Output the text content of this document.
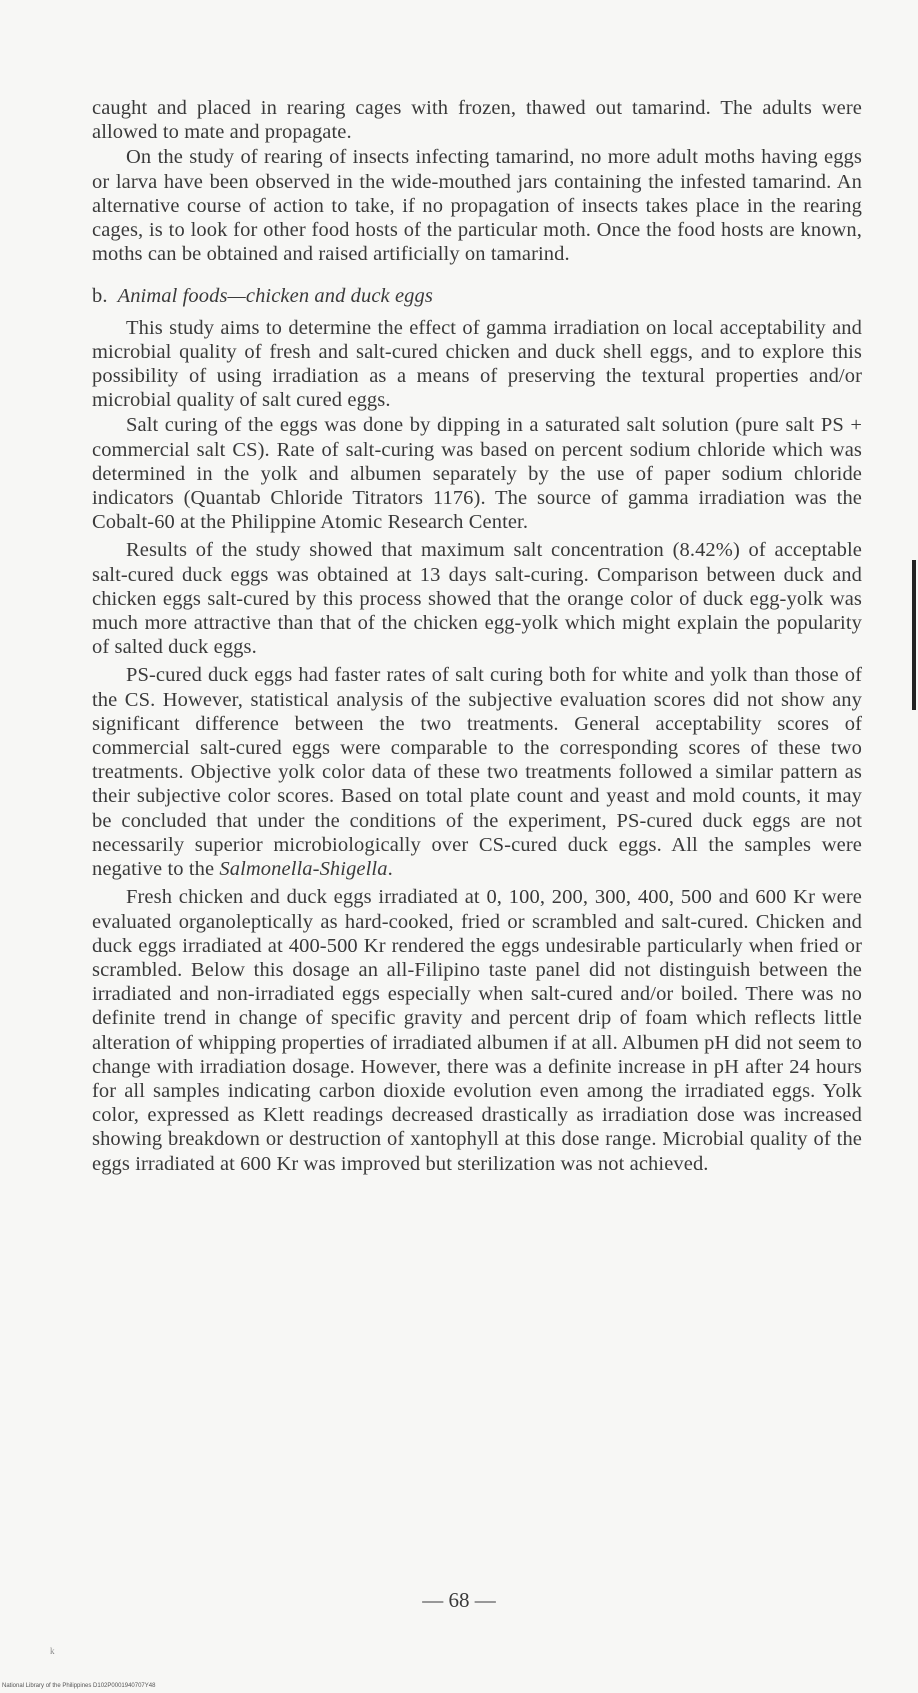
caught and placed in rearing cages with frozen, thawed out tamarind. The adults were allowed to mate and propagate.

On the study of rearing of insects infecting tamarind, no more adult moths having eggs or larva have been observed in the wide-mouthed jars containing the infested tamarind. An alternative course of action to take, if no propagation of insects takes place in the rearing cages, is to look for other food hosts of the particular moth. Once the food hosts are known, moths can be obtained and raised artificially on tamarind.

b. Animal foods—chicken and duck eggs

This study aims to determine the effect of gamma irradiation on local acceptability and microbial quality of fresh and salt-cured chicken and duck shell eggs, and to explore this possibility of using irradiation as a means of preserving the textural properties and/or microbial quality of salt cured eggs.

Salt curing of the eggs was done by dipping in a saturated salt solution (pure salt PS + commercial salt CS). Rate of salt-curing was based on percent sodium chloride which was determined in the yolk and albumen separately by the use of paper sodium chloride indicators (Quantab Chloride Titrators 1176). The source of gamma irradiation was the Cobalt-60 at the Philippine Atomic Research Center.

Results of the study showed that maximum salt concentration (8.42%) of acceptable salt-cured duck eggs was obtained at 13 days salt-curing. Comparison between duck and chicken eggs salt-cured by this process showed that the orange color of duck egg-yolk was much more attractive than that of the chicken egg-yolk which might explain the popularity of salted duck eggs.

PS-cured duck eggs had faster rates of salt curing both for white and yolk than those of the CS. However, statistical analysis of the subjective evaluation scores did not show any significant difference between the two treatments. General acceptability scores of commercial salt-cured eggs were comparable to the corresponding scores of these two treatments. Objective yolk color data of these two treatments followed a similar pattern as their subjective color scores. Based on total plate count and yeast and mold counts, it may be concluded that under the conditions of the experiment, PS-cured duck eggs are not necessarily superior microbiologically over CS-cured duck eggs. All the samples were negative to the Salmonella-Shigella.

Fresh chicken and duck eggs irradiated at 0, 100, 200, 300, 400, 500 and 600 Kr were evaluated organoleptically as hard-cooked, fried or scrambled and salt-cured. Chicken and duck eggs irradiated at 400-500 Kr rendered the eggs undesirable particularly when fried or scrambled. Below this dosage an all-Filipino taste panel did not distinguish between the irradiated and non-irradiated eggs especially when salt-cured and/or boiled. There was no definite trend in change of specific gravity and percent drip of foam which reflects little alteration of whipping properties of irradiated albumen if at all. Albumen pH did not seem to change with irradiation dosage. However, there was a definite increase in pH after 24 hours for all samples indicating carbon dioxide evolution even among the irradiated eggs. Yolk color, expressed as Klett readings decreased drastically as irradiation dose was increased showing breakdown or destruction of xantophyll at this dose range. Microbial quality of the eggs irradiated at 600 Kr was improved but sterilization was not achieved.

— 68 —
k
National Library of the Philippines D102P0001940707Y48
